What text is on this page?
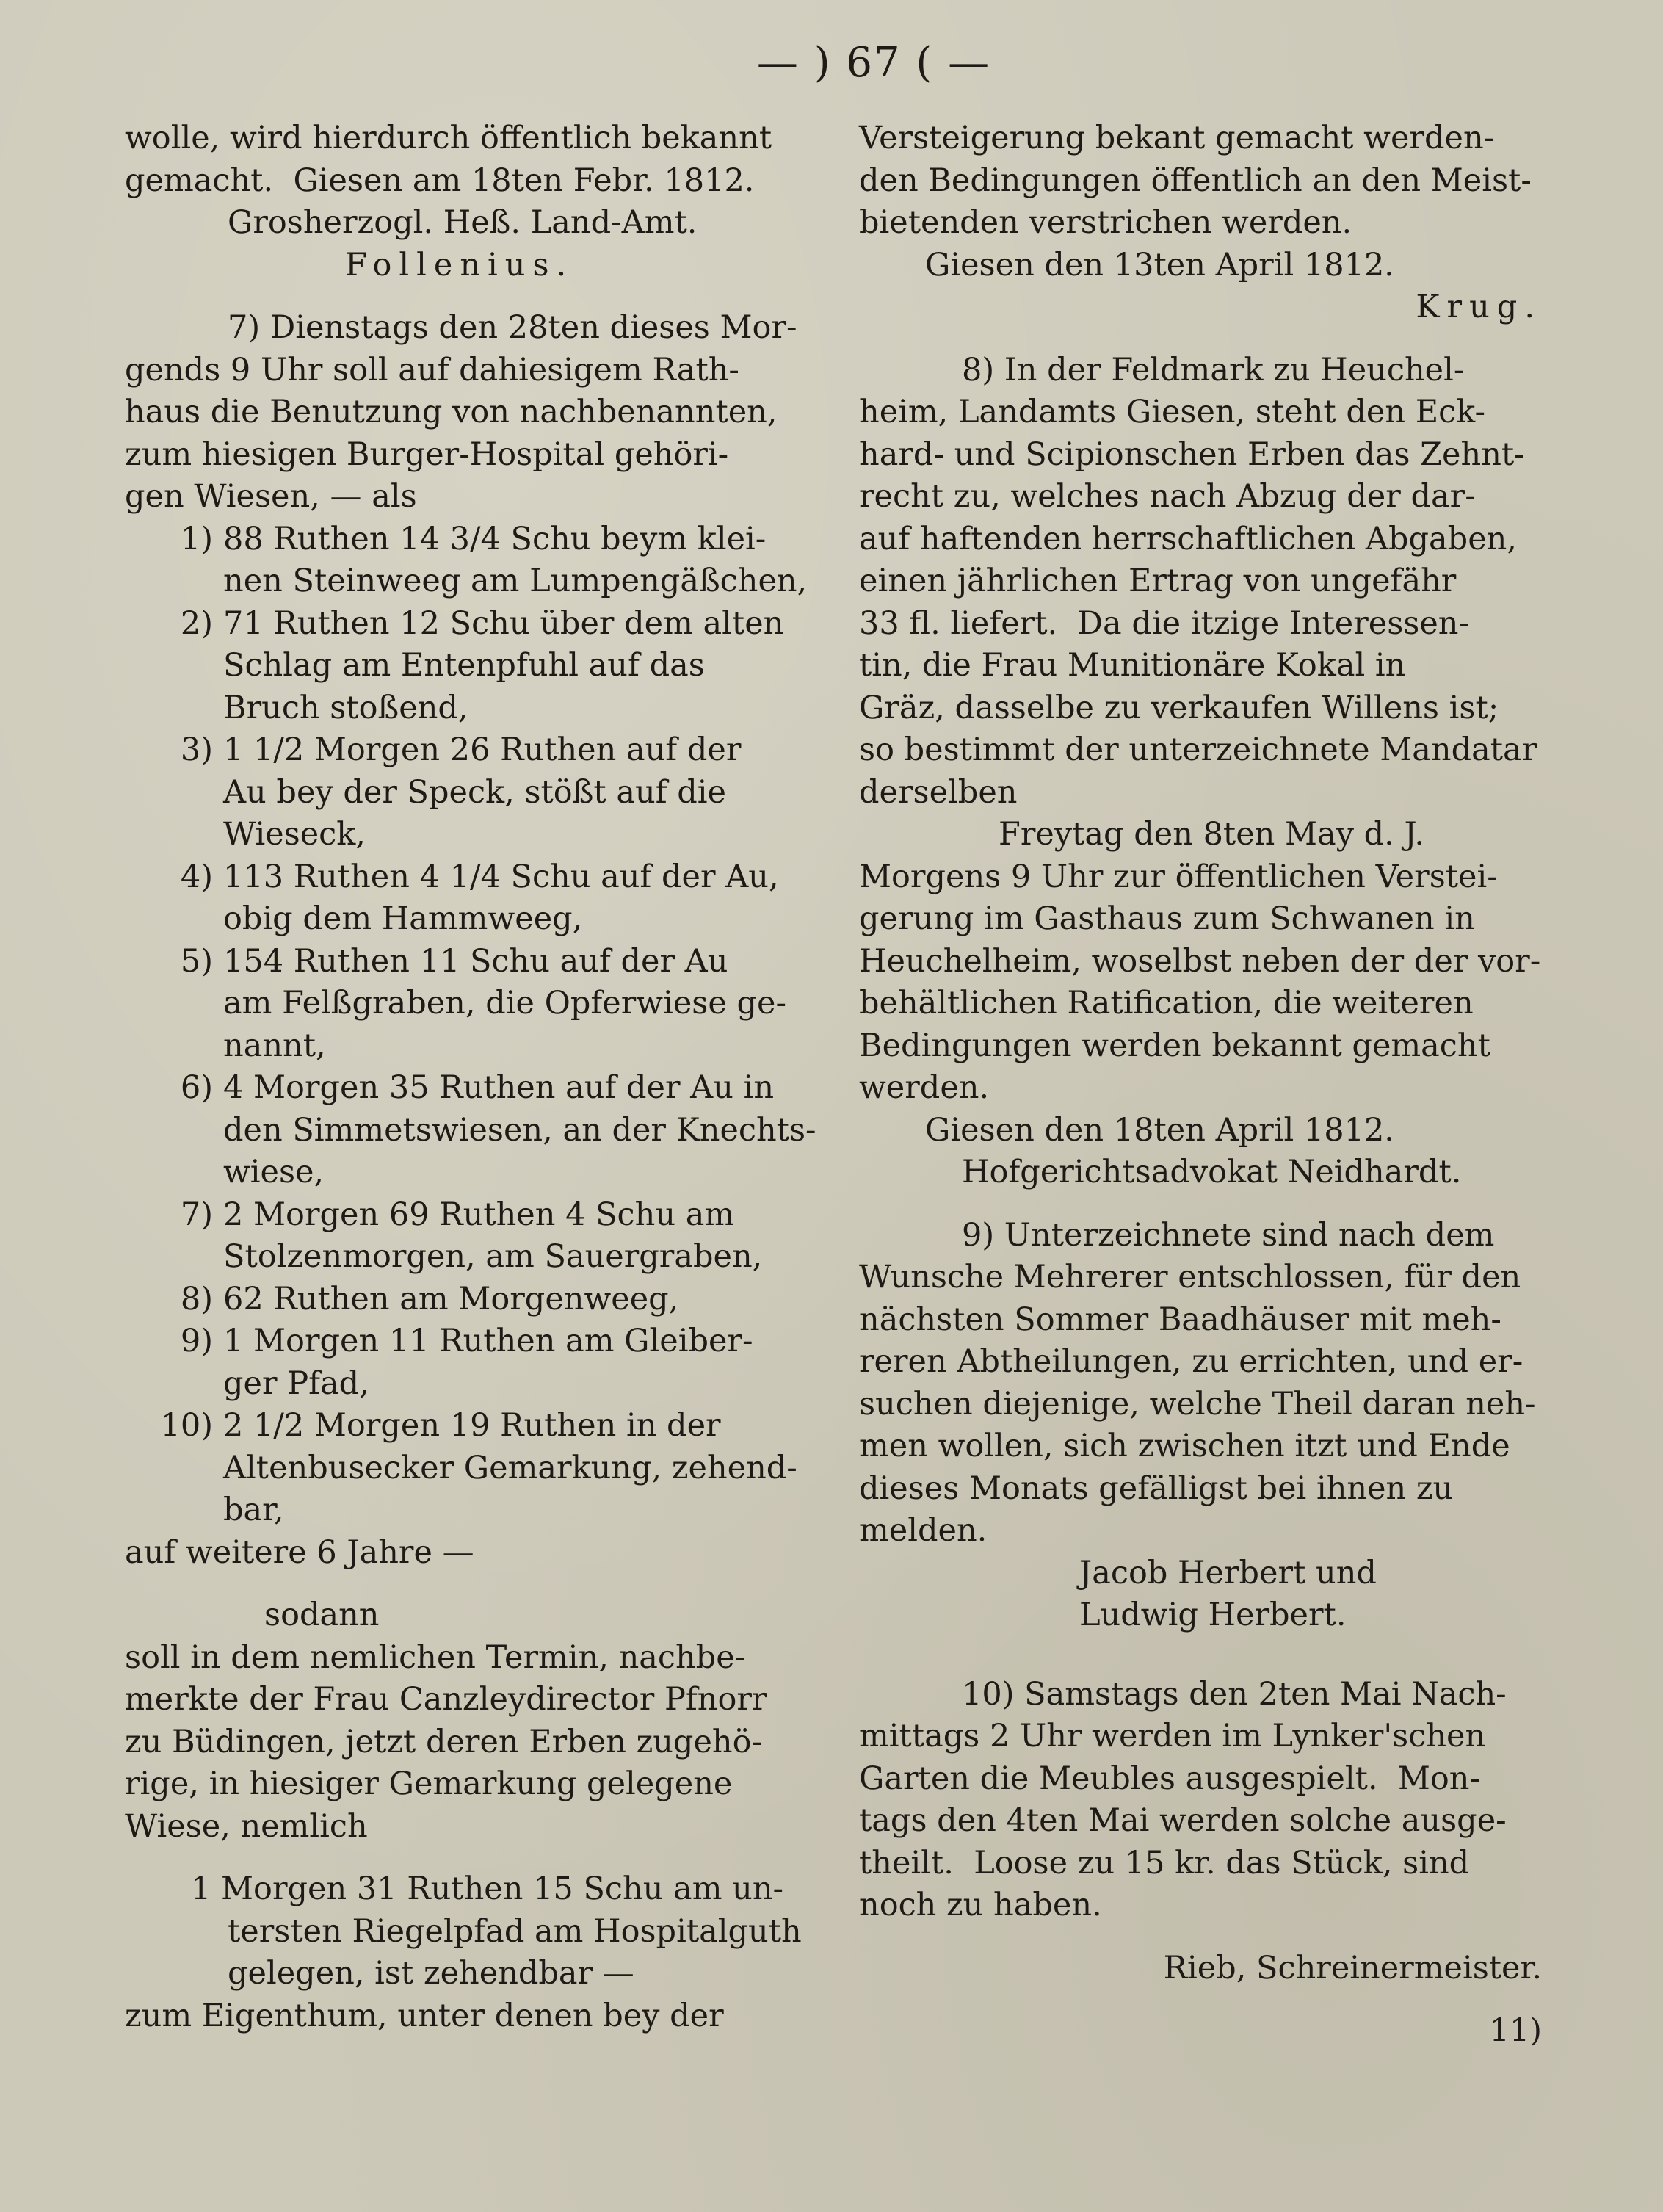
— ) 67 ( —
wolle, wird hierdurch öffentlich bekannt
gemacht.  Giesen am 18ten Febr. 1812.
Grosherzogl. Heß. Land-Amt.
Follenius.
7) Dienstags den 28ten dieses Mor-
gends 9 Uhr soll auf dahiesigem Rath-
haus die Benutzung von nachbenannten,
zum hiesigen Burger-Hospital gehöri-
gen Wiesen, — als
1) 88 Ruthen 14 3/4 Schu beym klei-
nen Steinweeg am Lumpengäßchen,
2) 71 Ruthen 12 Schu über dem alten
Schlag am Entenpfuhl auf das
Bruch stoßend,
3) 1 1/2 Morgen 26 Ruthen auf der
Au bey der Speck, stößt auf die
Wieseck,
4) 113 Ruthen 4 1/4 Schu auf der Au,
obig dem Hammweeg,
5) 154 Ruthen 11 Schu auf der Au
am Felßgraben, die Opferwiese ge-
nannt,
6) 4 Morgen 35 Ruthen auf der Au in
den Simmetswiesen, an der Knechts-
wiese,
7) 2 Morgen 69 Ruthen 4 Schu am
Stolzenmorgen, am Sauergraben,
8) 62 Ruthen am Morgenweeg,
9) 1 Morgen 11 Ruthen am Gleiber-
ger Pfad,
10) 2 1/2 Morgen 19 Ruthen in der
Altenbusecker Gemarkung, zehend-
bar,
auf weitere 6 Jahre —
sodann
soll in dem nemlichen Termin, nachbe-
merkte der Frau Canzleydirector Pfnorr
zu Büdingen, jetzt deren Erben zugehö-
rige, in hiesiger Gemarkung gelegene
Wiese, nemlich
1 Morgen 31 Ruthen 15 Schu am un-
tersten Riegelpfad am Hospitalguth
gelegen, ist zehendbar —
zum Eigenthum, unter denen bey der
Versteigerung bekant gemacht werden-
den Bedingungen öffentlich an den Meist-
bietenden verstrichen werden.
Giesen den 13ten April 1812.
Krug.
8) In der Feldmark zu Heuchel-
heim, Landamts Giesen, steht den Eck-
hard- und Scipionschen Erben das Zehnt-
recht zu, welches nach Abzug der dar-
auf haftenden herrschaftlichen Abgaben,
einen jährlichen Ertrag von ungefähr
33 fl. liefert.  Da die itzige Interessen-
tin, die Frau Munitionäre Kokal in
Gräz, dasselbe zu verkaufen Willens ist;
so bestimmt der unterzeichnete Mandatar
derselben
Freytag den 8ten May d. J.
Morgens 9 Uhr zur öffentlichen Verstei-
gerung im Gasthaus zum Schwanen in
Heuchelheim, woselbst neben der der vor-
behältlichen Ratification, die weiteren
Bedingungen werden bekannt gemacht
werden.
Giesen den 18ten April 1812.
Hofgerichtsadvokat Neidhardt.
9) Unterzeichnete sind nach dem
Wunsche Mehrerer entschlossen, für den
nächsten Sommer Baadhäuser mit meh-
reren Abtheilungen, zu errichten, und er-
suchen diejenige, welche Theil daran neh-
men wollen, sich zwischen itzt und Ende
dieses Monats gefälligst bei ihnen zu
melden.
Jacob Herbert und
Ludwig Herbert.
10) Samstags den 2ten Mai Nach-
mittags 2 Uhr werden im Lynker'schen
Garten die Meubles ausgespielt.  Mon-
tags den 4ten Mai werden solche ausge-
theilt.  Loose zu 15 kr. das Stück, sind
noch zu haben.
Rieb, Schreinermeister.
11)
